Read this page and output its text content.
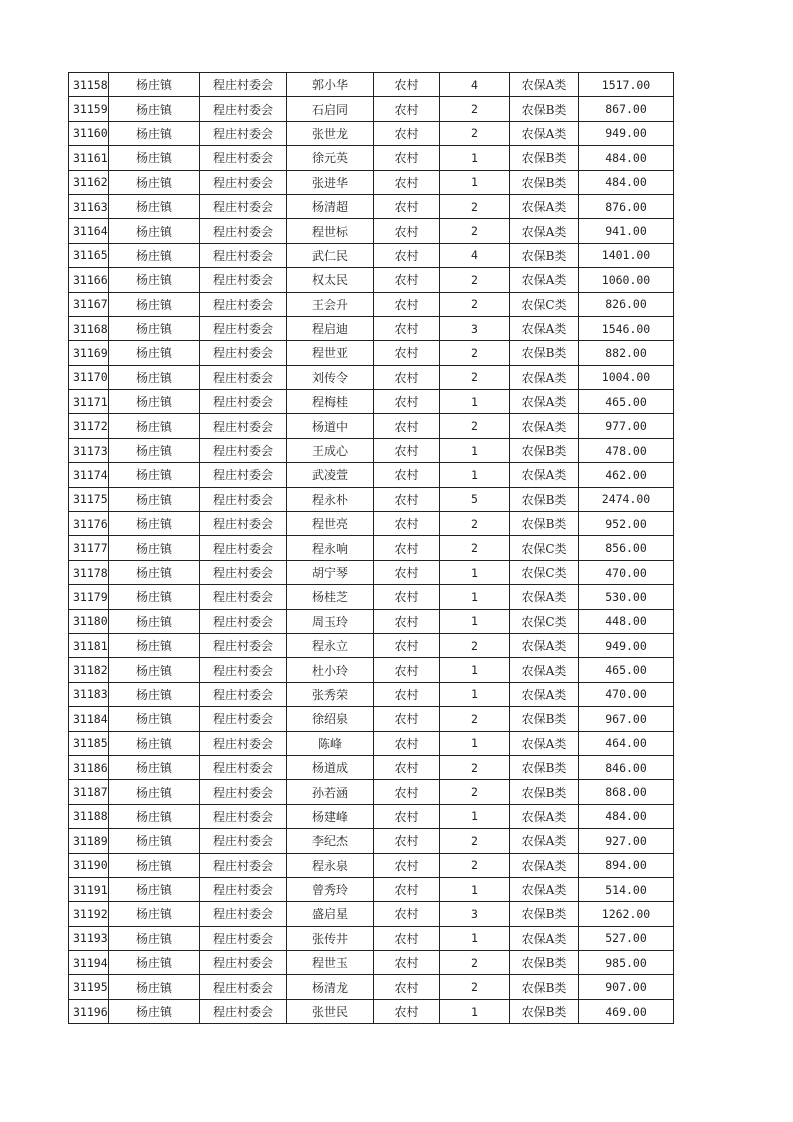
31158	杨庄镇	程庄村委会	郭小华	农村	4	农保A类	1517.00
31159	杨庄镇	程庄村委会	石启同	农村	2	农保B类	867.00
31160	杨庄镇	程庄村委会	张世龙	农村	2	农保A类	949.00
31161	杨庄镇	程庄村委会	徐元英	农村	1	农保B类	484.00
31162	杨庄镇	程庄村委会	张进华	农村	1	农保B类	484.00
31163	杨庄镇	程庄村委会	杨清超	农村	2	农保A类	876.00
31164	杨庄镇	程庄村委会	程世标	农村	2	农保A类	941.00
31165	杨庄镇	程庄村委会	武仁民	农村	4	农保B类	1401.00
31166	杨庄镇	程庄村委会	权太民	农村	2	农保A类	1060.00
31167	杨庄镇	程庄村委会	王会升	农村	2	农保C类	826.00
31168	杨庄镇	程庄村委会	程启迪	农村	3	农保A类	1546.00
31169	杨庄镇	程庄村委会	程世亚	农村	2	农保B类	882.00
31170	杨庄镇	程庄村委会	刘传令	农村	2	农保A类	1004.00
31171	杨庄镇	程庄村委会	程梅桂	农村	1	农保A类	465.00
31172	杨庄镇	程庄村委会	杨道中	农村	2	农保A类	977.00
31173	杨庄镇	程庄村委会	王成心	农村	1	农保B类	478.00
31174	杨庄镇	程庄村委会	武凌萱	农村	1	农保A类	462.00
31175	杨庄镇	程庄村委会	程永朴	农村	5	农保B类	2474.00
31176	杨庄镇	程庄村委会	程世亮	农村	2	农保B类	952.00
31177	杨庄镇	程庄村委会	程永响	农村	2	农保C类	856.00
31178	杨庄镇	程庄村委会	胡宁琴	农村	1	农保C类	470.00
31179	杨庄镇	程庄村委会	杨桂芝	农村	1	农保A类	530.00
31180	杨庄镇	程庄村委会	周玉玲	农村	1	农保C类	448.00
31181	杨庄镇	程庄村委会	程永立	农村	2	农保A类	949.00
31182	杨庄镇	程庄村委会	杜小玲	农村	1	农保A类	465.00
31183	杨庄镇	程庄村委会	张秀荣	农村	1	农保A类	470.00
31184	杨庄镇	程庄村委会	徐绍泉	农村	2	农保B类	967.00
31185	杨庄镇	程庄村委会	陈峰	农村	1	农保A类	464.00
31186	杨庄镇	程庄村委会	杨道成	农村	2	农保B类	846.00
31187	杨庄镇	程庄村委会	孙若涵	农村	2	农保B类	868.00
31188	杨庄镇	程庄村委会	杨建峰	农村	1	农保A类	484.00
31189	杨庄镇	程庄村委会	李纪杰	农村	2	农保A类	927.00
31190	杨庄镇	程庄村委会	程永泉	农村	2	农保A类	894.00
31191	杨庄镇	程庄村委会	曾秀玲	农村	1	农保A类	514.00
31192	杨庄镇	程庄村委会	盛启星	农村	3	农保B类	1262.00
31193	杨庄镇	程庄村委会	张传井	农村	1	农保A类	527.00
31194	杨庄镇	程庄村委会	程世玉	农村	2	农保B类	985.00
31195	杨庄镇	程庄村委会	杨清龙	农村	2	农保B类	907.00
31196	杨庄镇	程庄村委会	张世民	农村	1	农保B类	469.00
